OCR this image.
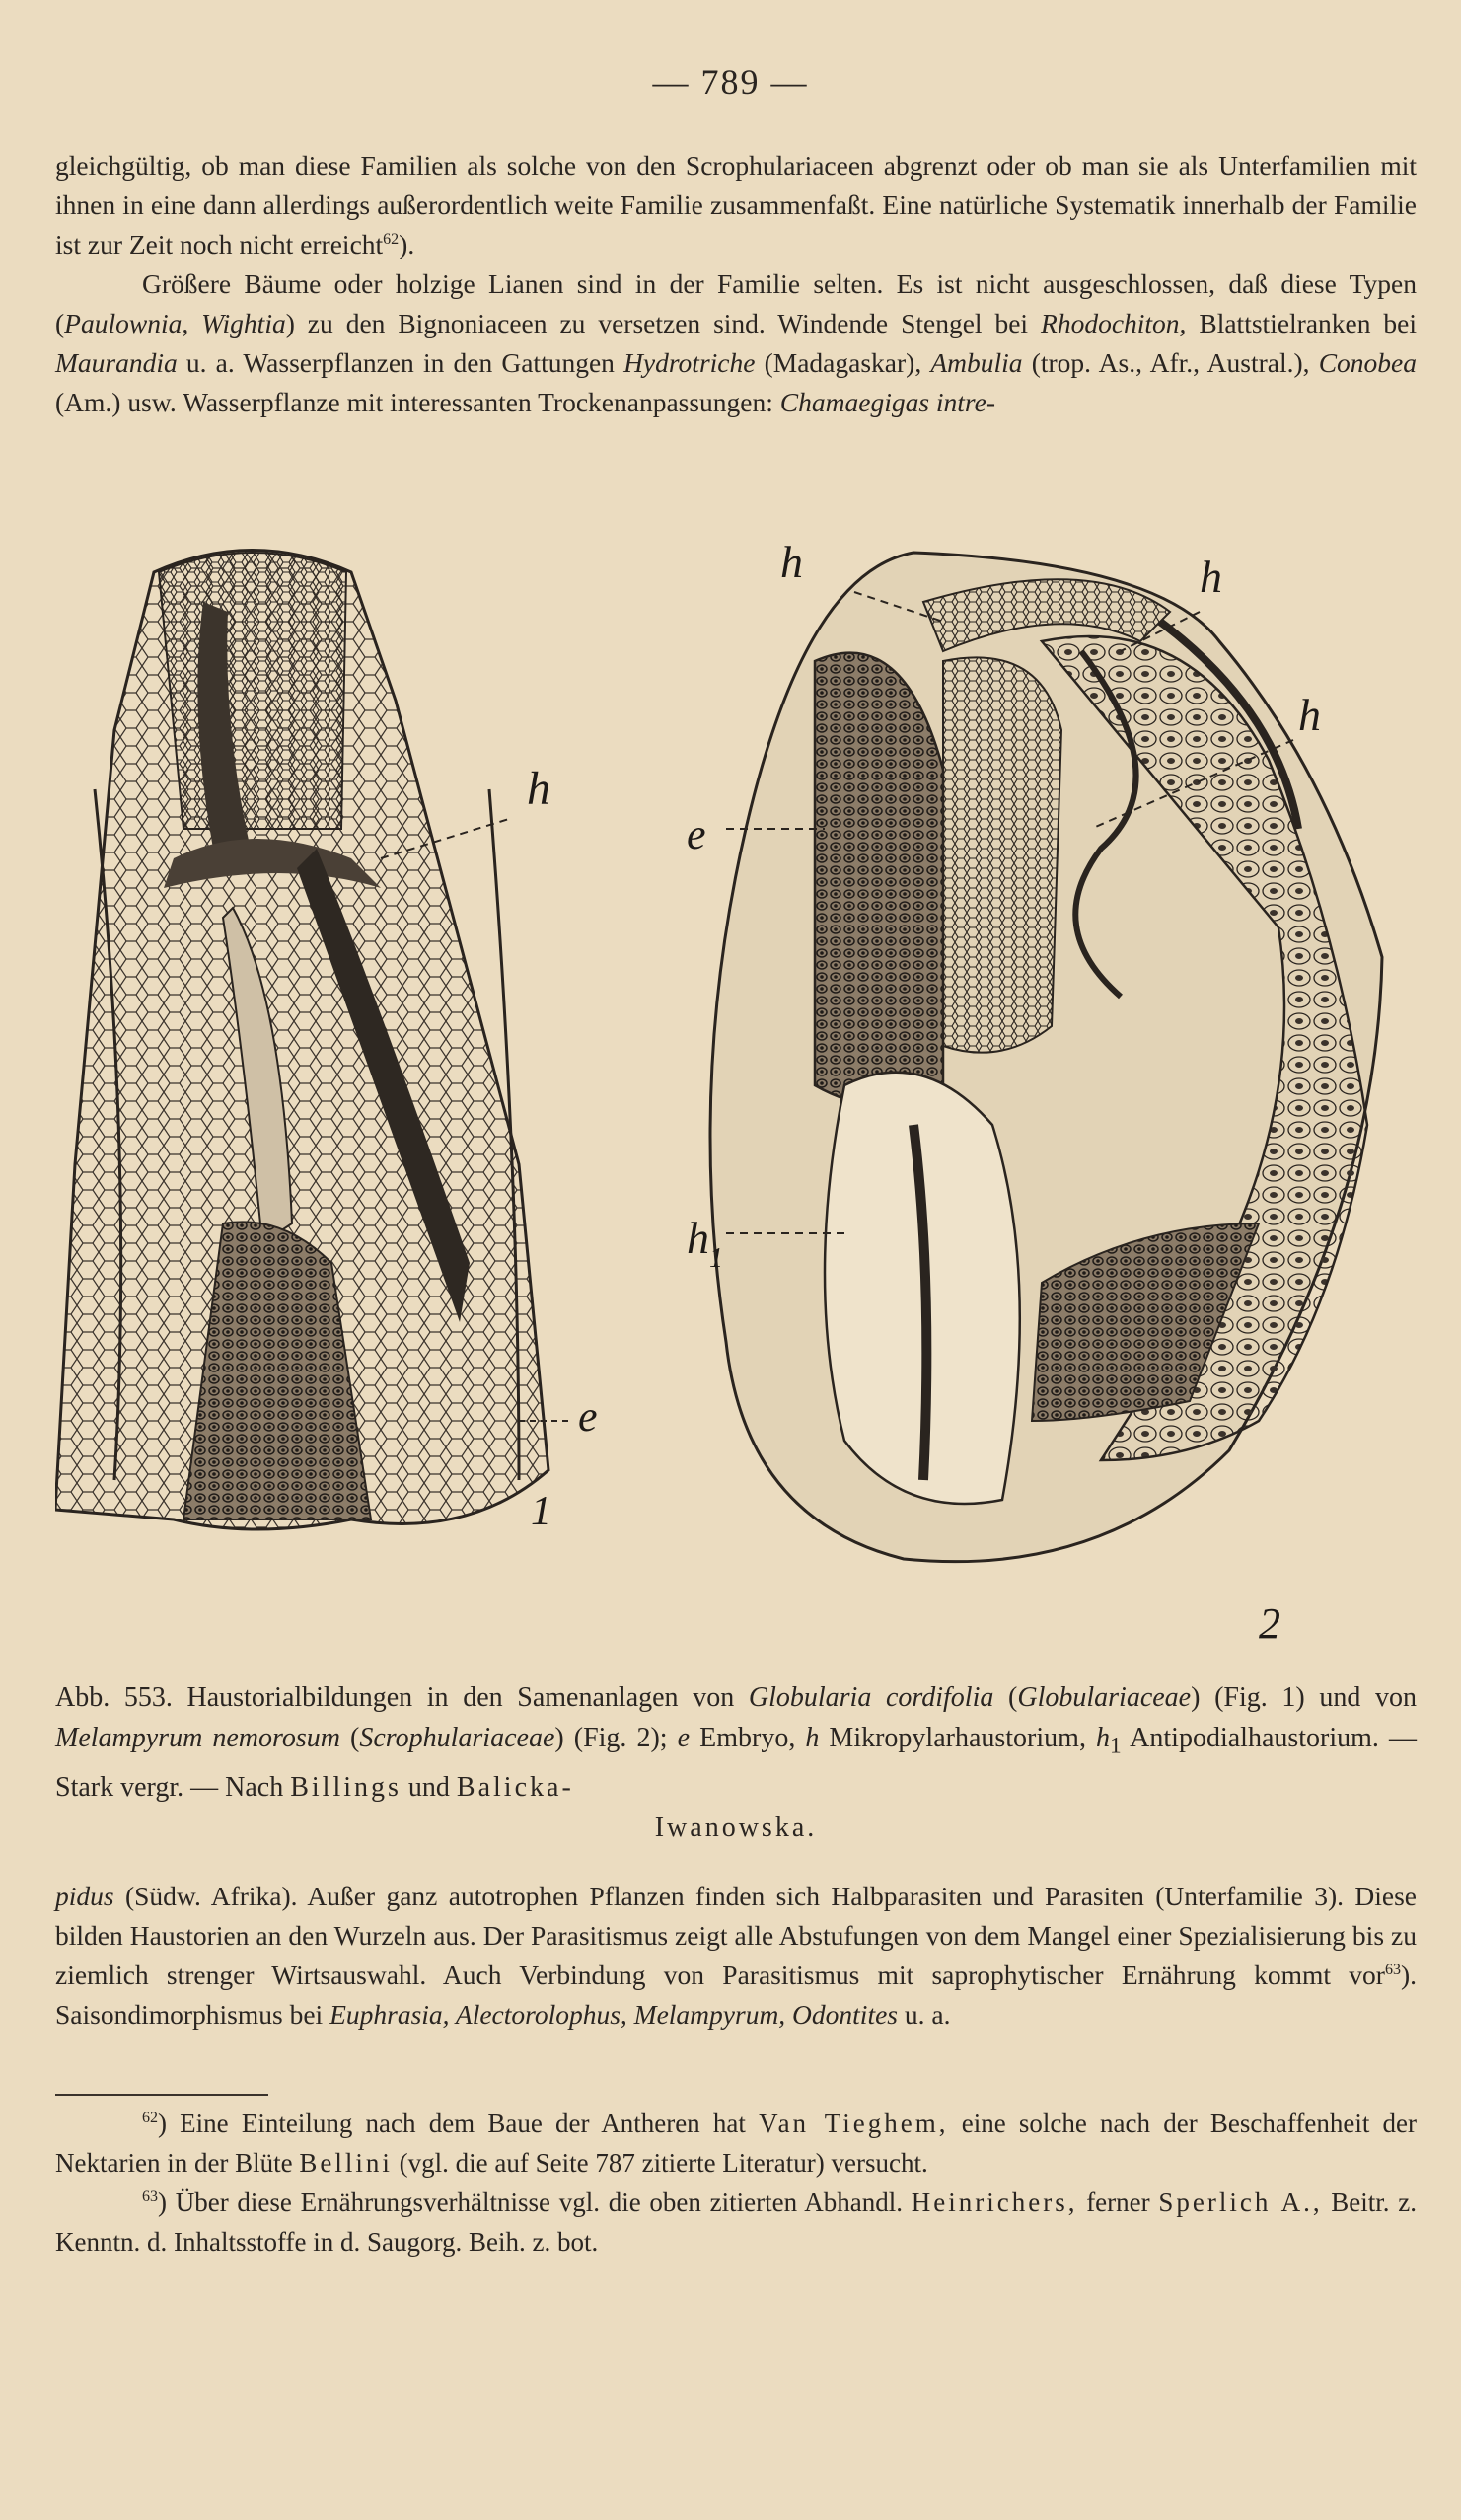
— 789 —

gleichgültig, ob man diese Familien als solche von den Scrophulariaceen abgrenzt oder ob man sie als Unterfamilien mit ihnen in eine dann allerdings außerordentlich weite Familie zusammenfaßt. Eine natürliche Systematik innerhalb der Familie ist zur Zeit noch nicht erreicht$^{62}$).

Größere Bäume oder holzige Lianen sind in der Familie selten. Es ist nicht ausgeschlossen, daß diese Typen (Paulownia, Wightia) zu den Bignoniaceen zu versetzen sind. Windende Stengel bei Rhodochiton, Blattstielranken bei Maurandia u. a. Wasserpflanzen in den Gattungen Hydrotriche (Madagaskar), Ambulia (trop. As., Afr., Austral.), Conobea (Am.) usw. Wasserpflanze mit interessanten Trockenanpassungen: Chamaegigas intre-

h
e
1
h	h
h
e
$h_1$
2
Abb. 553. Haustorialbildungen in den Samenanlagen von Globularia cordifolia (Globulariaceae) (Fig. 1) und von Melampyrum nemorosum (Scrophulariaceae) (Fig. 2); e Embryo, h Mikropylarhaustorium, $h_1$ Antipodialhaustorium. — Stark vergr. — Nach Billings und Balicka-
Iwanowska.

pidus (Südw. Afrika). Außer ganz autotrophen Pflanzen finden sich Halbparasiten und Parasiten (Unterfamilie 3). Diese bilden Haustorien an den Wurzeln aus. Der Parasitismus zeigt alle Abstufungen von dem Mangel einer Spezialisierung bis zu ziemlich strenger Wirtsauswahl. Auch Verbindung von Parasitismus mit saprophytischer Ernährung kommt vor$^{63}$). Saisondimorphismus bei Euphrasia, Alectorolophus, Melampyrum, Odontites u. a.

$^{62}$) Eine Einteilung nach dem Baue der Antheren hat Van Tieghem, eine solche nach der Beschaffenheit der Nektarien in der Blüte Bellini (vgl. die auf Seite 787 zitierte Literatur) versucht.

$^{63}$) Über diese Ernährungsverhältnisse vgl. die oben zitierten Abhandl. Heinrichers, ferner Sperlich A., Beitr. z. Kenntn. d. Inhaltsstoffe in d. Saugorg. Beih. z. bot.
